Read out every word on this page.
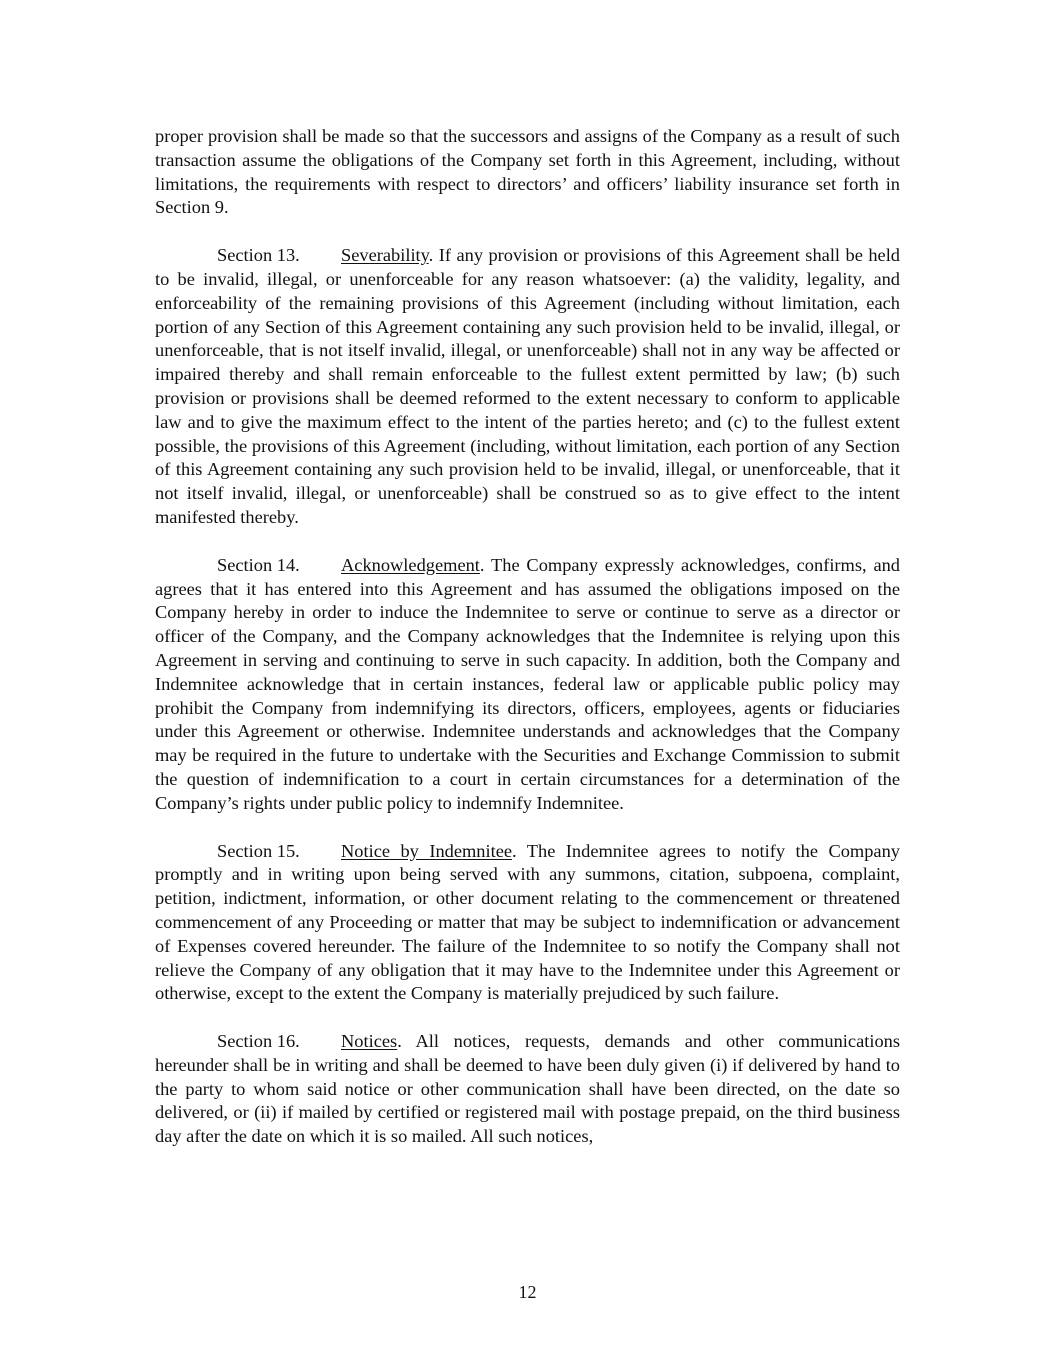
proper provision shall be made so that the successors and assigns of the Company as a result of such transaction assume the obligations of the Company set forth in this Agreement, including, without limitations, the requirements with respect to directors’ and officers’ liability insurance set forth in Section 9.

Section 13. Severability. If any provision or provisions of this Agreement shall be held to be invalid, illegal, or unenforceable for any reason whatsoever: (a) the validity, legality, and enforceability of the remaining provisions of this Agreement (including without limitation, each portion of any Section of this Agreement containing any such provision held to be invalid, illegal, or unenforceable, that is not itself invalid, illegal, or unenforceable) shall not in any way be affected or impaired thereby and shall remain enforceable to the fullest extent permitted by law; (b) such provision or provisions shall be deemed reformed to the extent necessary to conform to applicable law and to give the maximum effect to the intent of the parties hereto; and (c) to the fullest extent possible, the provisions of this Agreement (including, without limitation, each portion of any Section of this Agreement containing any such provision held to be invalid, illegal, or unenforceable, that it not itself invalid, illegal, or unenforceable) shall be construed so as to give effect to the intent manifested thereby.

Section 14. Acknowledgement. The Company expressly acknowledges, confirms, and agrees that it has entered into this Agreement and has assumed the obligations imposed on the Company hereby in order to induce the Indemnitee to serve or continue to serve as a director or officer of the Company, and the Company acknowledges that the Indemnitee is relying upon this Agreement in serving and continuing to serve in such capacity. In addition, both the Company and Indemnitee acknowledge that in certain instances, federal law or applicable public policy may prohibit the Company from indemnifying its directors, officers, employees, agents or fiduciaries under this Agreement or otherwise. Indemnitee understands and acknowledges that the Company may be required in the future to undertake with the Securities and Exchange Commission to submit the question of indemnification to a court in certain circumstances for a determination of the Company’s rights under public policy to indemnify Indemnitee.

Section 15. Notice by Indemnitee. The Indemnitee agrees to notify the Company promptly and in writing upon being served with any summons, citation, subpoena, complaint, petition, indictment, information, or other document relating to the commencement or threatened commencement of any Proceeding or matter that may be subject to indemnification or advancement of Expenses covered hereunder. The failure of the Indemnitee to so notify the Company shall not relieve the Company of any obligation that it may have to the Indemnitee under this Agreement or otherwise, except to the extent the Company is materially prejudiced by such failure.

Section 16. Notices. All notices, requests, demands and other communications hereunder shall be in writing and shall be deemed to have been duly given (i) if delivered by hand to the party to whom said notice or other communication shall have been directed, on the date so delivered, or (ii) if mailed by certified or registered mail with postage prepaid, on the third business day after the date on which it is so mailed. All such notices,

12
